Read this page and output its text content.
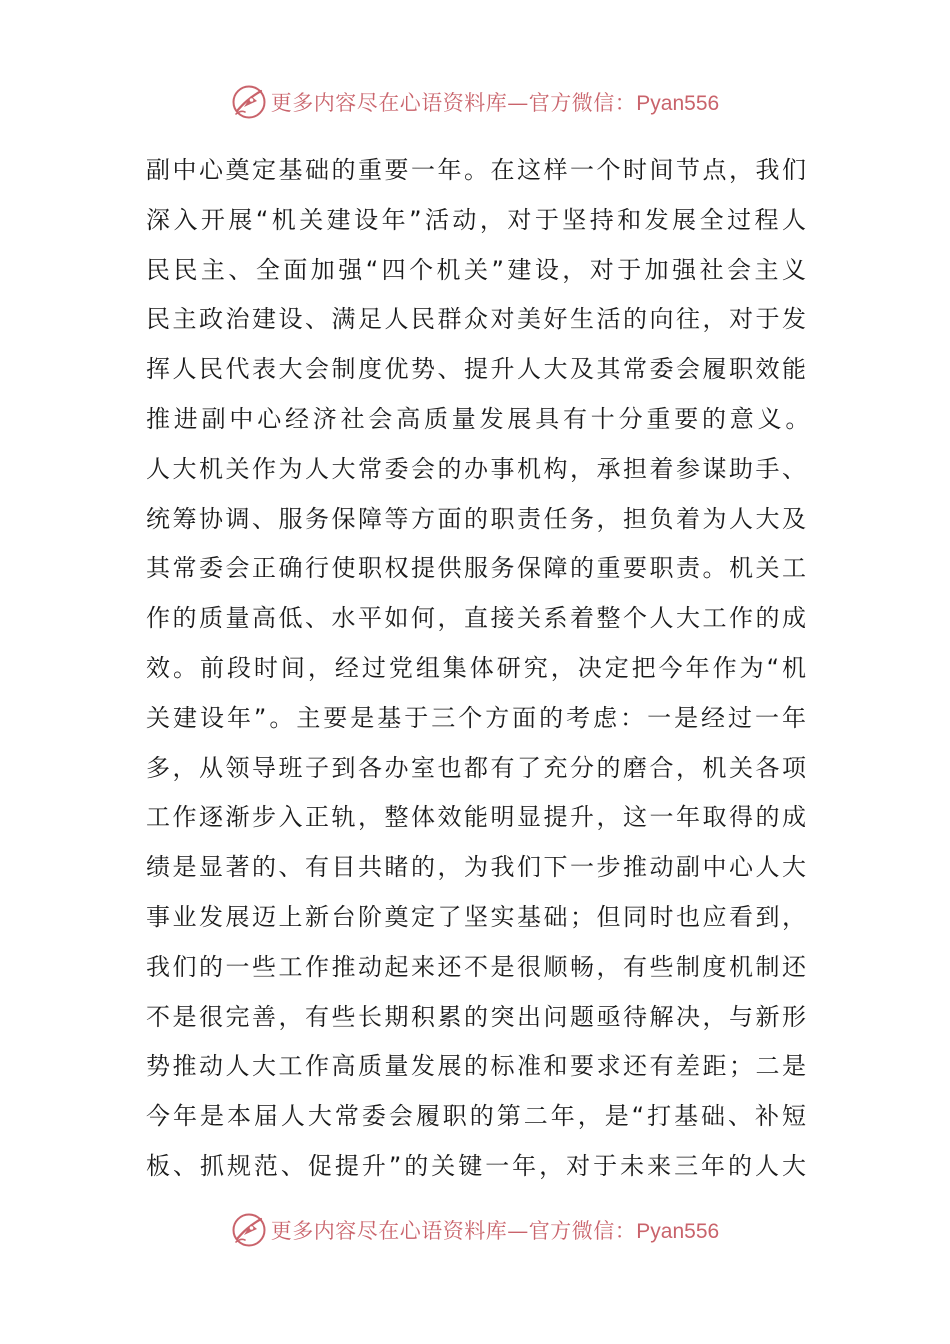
更多内容尽在心语资料库—官方微信：Pyan556
副中心奠定基础的重要一年。在这样一个时间节点，我们
深入开展“机关建设年”活动，对于坚持和发展全过程人
民民主、全面加强“四个机关”建设，对于加强社会主义
民主政治建设、满足人民群众对美好生活的向往，对于发
挥人民代表大会制度优势、提升人大及其常委会履职效能
推进副中心经济社会高质量发展具有十分重要的意义。
人大机关作为人大常委会的办事机构，承担着参谋助手、
统筹协调、服务保障等方面的职责任务，担负着为人大及
其常委会正确行使职权提供服务保障的重要职责。机关工
作的质量高低、水平如何，直接关系着整个人大工作的成
效。前段时间，经过党组集体研究，决定把今年作为“机
关建设年”。主要是基于三个方面的考虑：一是经过一年
多，从领导班子到各办室也都有了充分的磨合，机关各项
工作逐渐步入正轨，整体效能明显提升，这一年取得的成
绩是显著的、有目共睹的，为我们下一步推动副中心人大
事业发展迈上新台阶奠定了坚实基础；但同时也应看到，
我们的一些工作推动起来还不是很顺畅，有些制度机制还
不是很完善，有些长期积累的突出问题亟待解决，与新形
势推动人大工作高质量发展的标准和要求还有差距；二是
今年是本届人大常委会履职的第二年，是“打基础、补短
板、抓规范、促提升”的关键一年，对于未来三年的人大
更多内容尽在心语资料库—官方微信：Pyan556
